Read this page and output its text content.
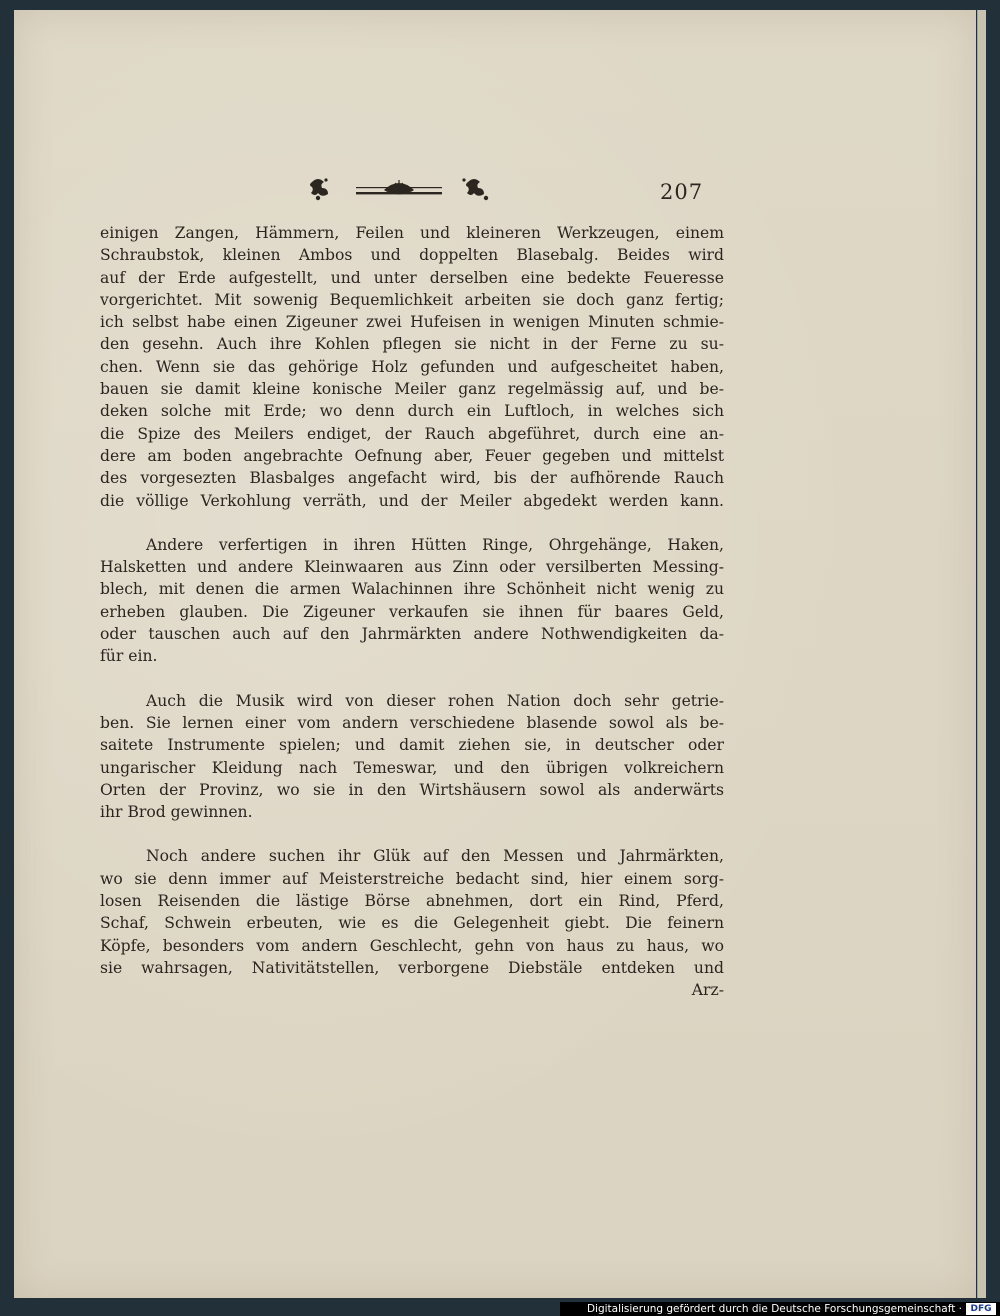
207
einigen Zangen, Hämmern, Feilen und kleineren Werkzeugen, einem
Schraubstok, kleinen Ambos und doppelten Blasebalg. Beides wird
auf der Erde aufgestellt, und unter derselben eine bedekte Feueresse
vorgerichtet. Mit sowenig Bequemlichkeit arbeiten sie doch ganz fertig;
ich selbst habe einen Zigeuner zwei Hufeisen in wenigen Minuten schmie-
den gesehn. Auch ihre Kohlen pflegen sie nicht in der Ferne zu su-
chen. Wenn sie das gehörige Holz gefunden und aufgescheitet haben,
bauen sie damit kleine konische Meiler ganz regelmässig auf, und be-
deken solche mit Erde; wo denn durch ein Luftloch, in welches sich
die Spize des Meilers endiget, der Rauch abgeführet, durch eine an-
dere am boden angebrachte Oefnung aber, Feuer gegeben und mittelst
des vorgesezten Blasbalges angefacht wird, bis der aufhörende Rauch
die völlige Verkohlung verräth, und der Meiler abgedekt werden kann.
Andere verfertigen in ihren Hütten Ringe, Ohrgehänge, Haken,
Halsketten und andere Kleinwaaren aus Zinn oder versilberten Messing-
blech, mit denen die armen Walachinnen ihre Schönheit nicht wenig zu
erheben glauben. Die Zigeuner verkaufen sie ihnen für baares Geld,
oder tauschen auch auf den Jahrmärkten andere Nothwendigkeiten da-
für ein.
Auch die Musik wird von dieser rohen Nation doch sehr getrie-
ben. Sie lernen einer vom andern verschiedene blasende sowol als be-
saitete Instrumente spielen; und damit ziehen sie, in deutscher oder
ungarischer Kleidung nach Temeswar, und den übrigen volkreichern
Orten der Provinz, wo sie in den Wirtshäusern sowol als anderwärts
ihr Brod gewinnen.
Noch andere suchen ihr Glük auf den Messen und Jahrmärkten,
wo sie denn immer auf Meisterstreiche bedacht sind, hier einem sorg-
losen Reisenden die lästige Börse abnehmen, dort ein Rind, Pferd,
Schaf, Schwein erbeuten, wie es die Gelegenheit giebt. Die feinern
Köpfe, besonders vom andern Geschlecht, gehn von haus zu haus, wo
sie wahrsagen, Nativitätstellen, verborgene Diebstäle entdeken und
Arz-
Digitalisierung gefördert durch die Deutsche Forschungsgemeinschaft · DFG
